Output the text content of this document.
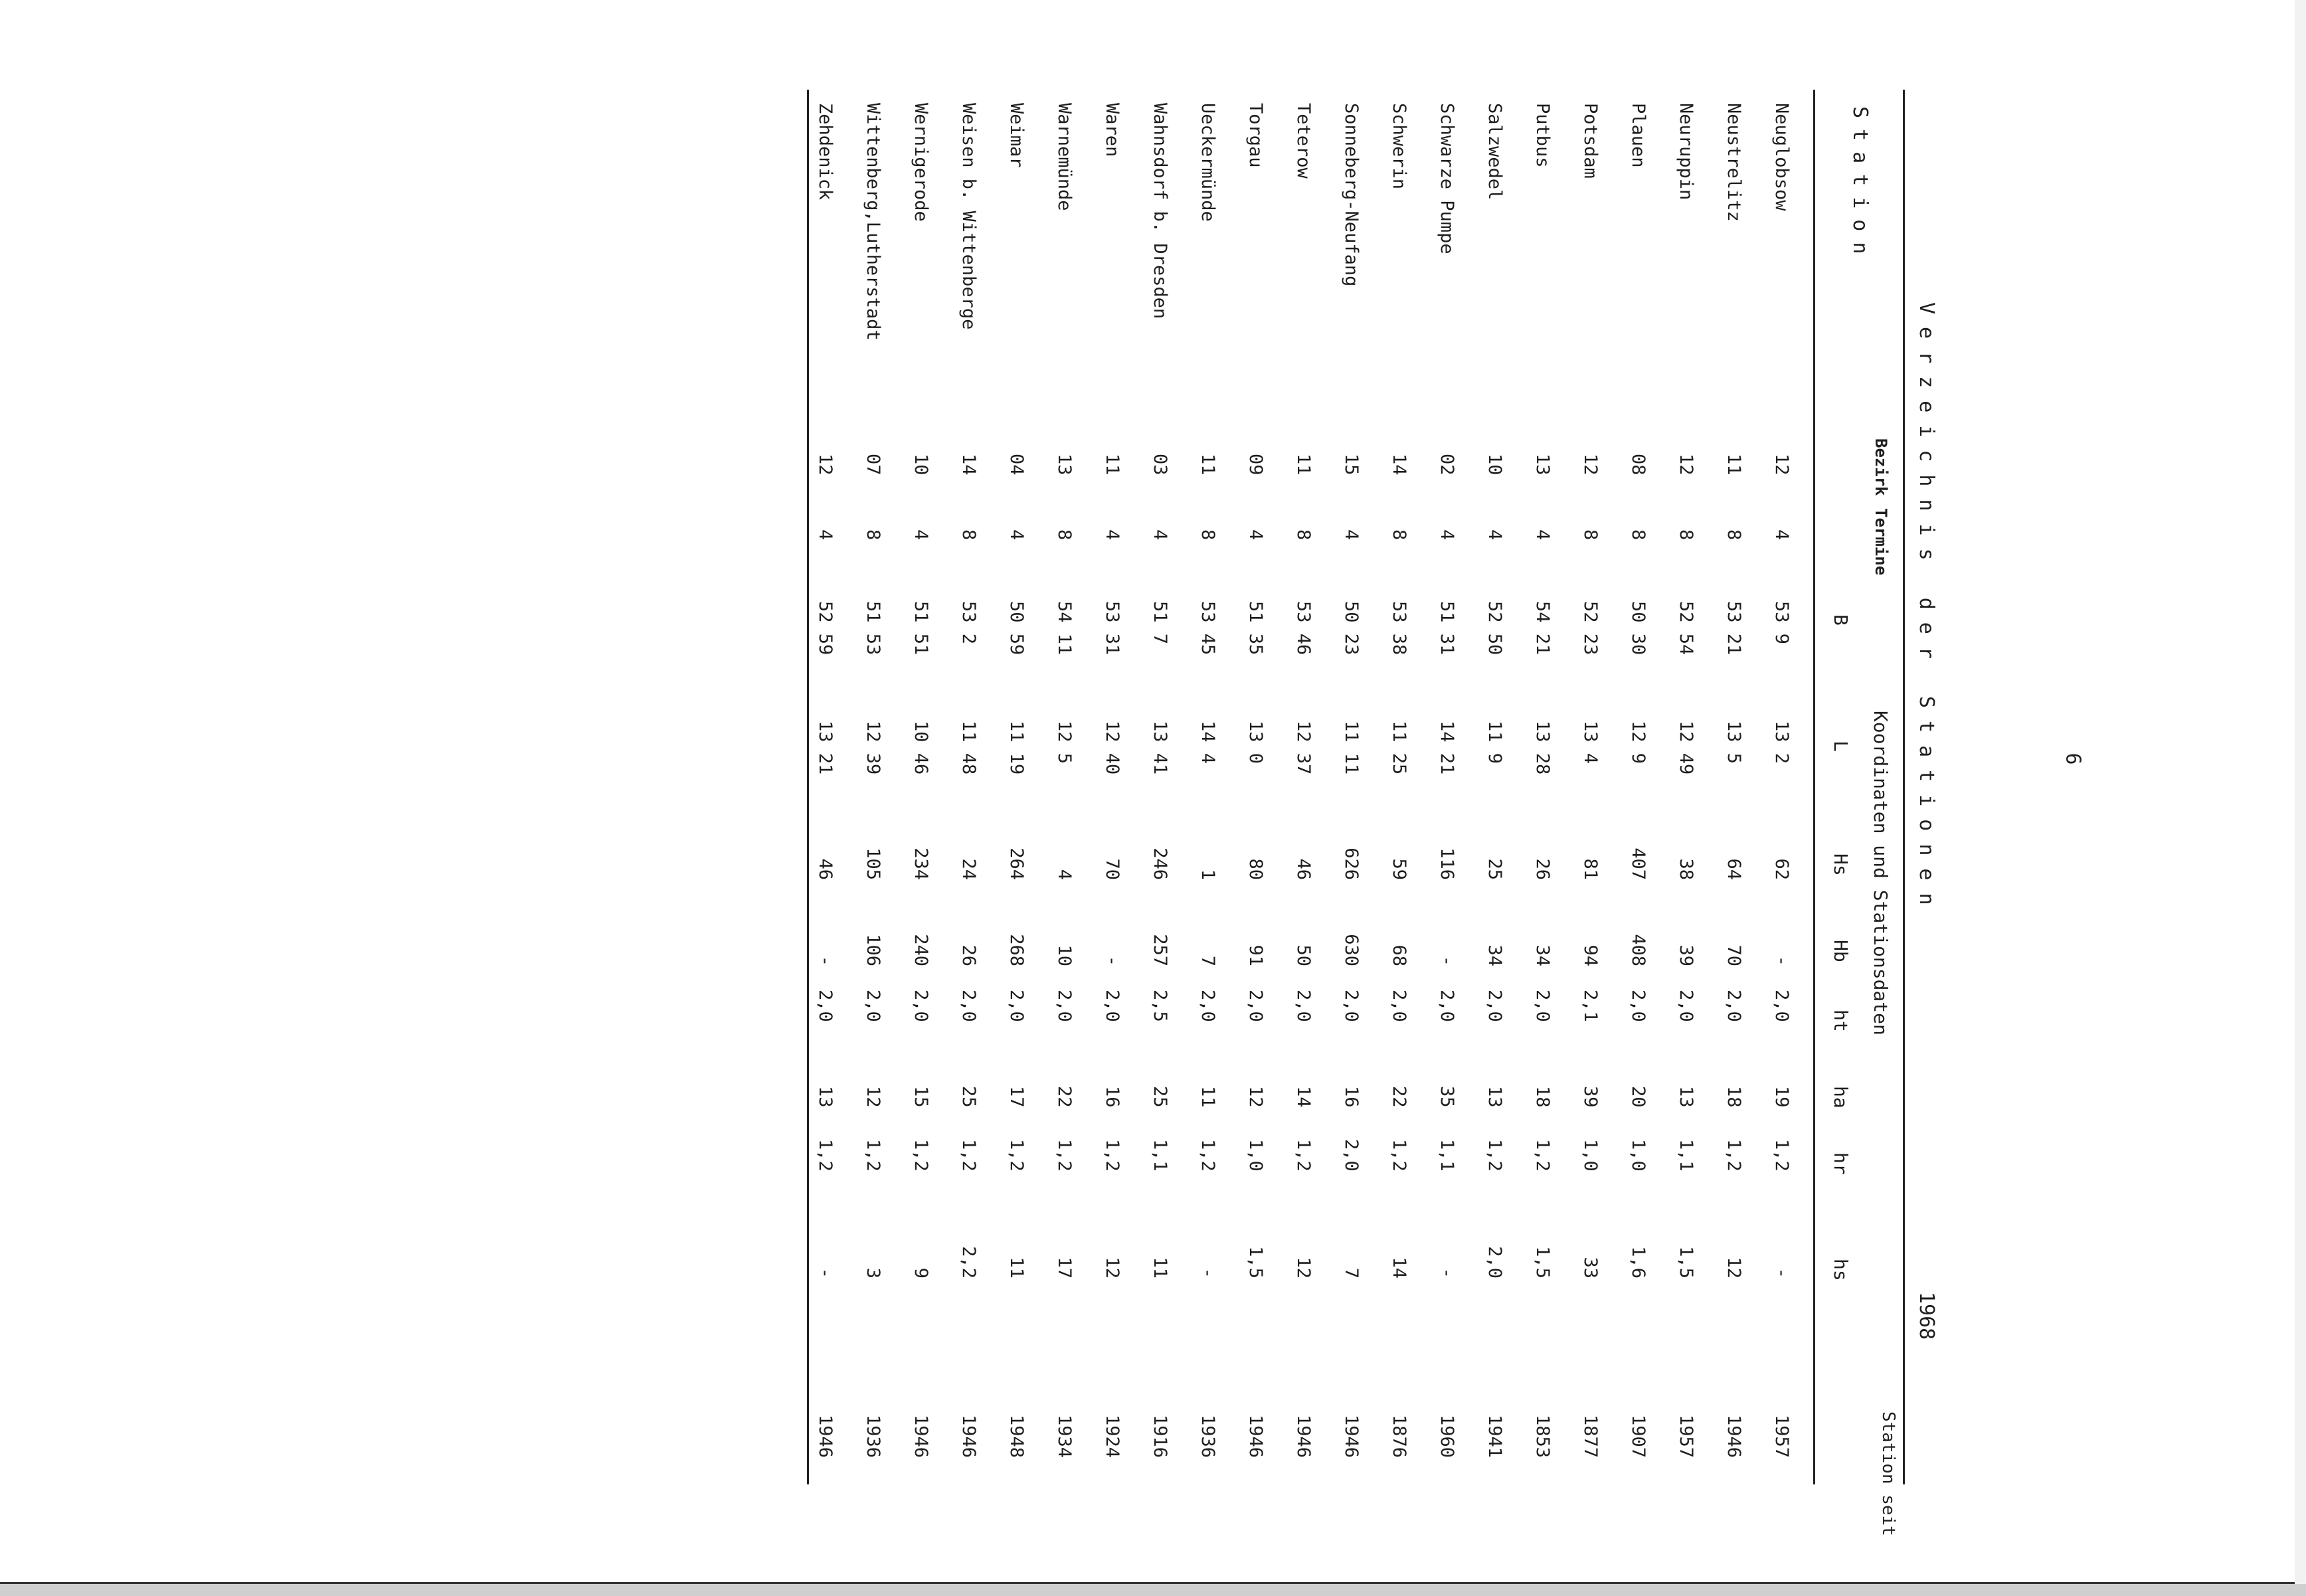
6
Verzeichnis der Stationen
1968
Station
Bezirk
Termine
Koordinaten und Stationsdaten
B
L
Hs
Hb
ht
ha
hr
hs
Station seit
Neuglobsow
12
4
53 9
13 2
62
-
2,0
19
1,2
-
1957
Neustrelitz
11
8
53 21
13 5
64
70
2,0
18
1,2
12
1946
Neuruppin
12
8
52 54
12 49
38
39
2,0
13
1,1
1,5
1957
Plauen
08
8
50 30
12 9
407
408
2,0
20
1,0
1,6
1907
Potsdam
12
8
52 23
13 4
81
94
2,1
39
1,0
33
1877
Putbus
13
4
54 21
13 28
26
34
2,0
18
1,2
1,5
1853
Salzwedel
10
4
52 50
11 9
25
34
2,0
13
1,2
2,0
1941
Schwarze Pumpe
02
4
51 31
14 21
116
-
2,0
35
1,1
-
1960
Schwerin
14
8
53 38
11 25
59
68
2,0
22
1,2
14
1876
Sonneberg-Neufang
15
4
50 23
11 11
626
630
2,0
16
2,0
7
1946
Teterow
11
8
53 46
12 37
46
50
2,0
14
1,2
12
1946
Torgau
09
4
51 35
13 0
80
91
2,0
12
1,0
1,5
1946
Ueckermünde
11
8
53 45
14 4
1
7
2,0
11
1,2
-
1936
Wahnsdorf b. Dresden
03
4
51 7
13 41
246
257
2,5
25
1,1
11
1916
Waren
11
4
53 31
12 40
70
-
2,0
16
1,2
12
1924
Warnemünde
13
8
54 11
12 5
4
10
2,0
22
1,2
17
1934
Weimar
04
4
50 59
11 19
264
268
2,0
17
1,2
11
1948
Weisen b. Wittenberge
14
8
53 2
11 48
24
26
2,0
25
1,2
2,2
1946
Wernigerode
10
4
51 51
10 46
234
240
2,0
15
1,2
9
1946
Wittenberg,Lutherstadt
07
8
51 53
12 39
105
106
2,0
12
1,2
3
1936
Zehdenick
12
4
52 59
13 21
46
-
2,0
13
1,2
-
1946
